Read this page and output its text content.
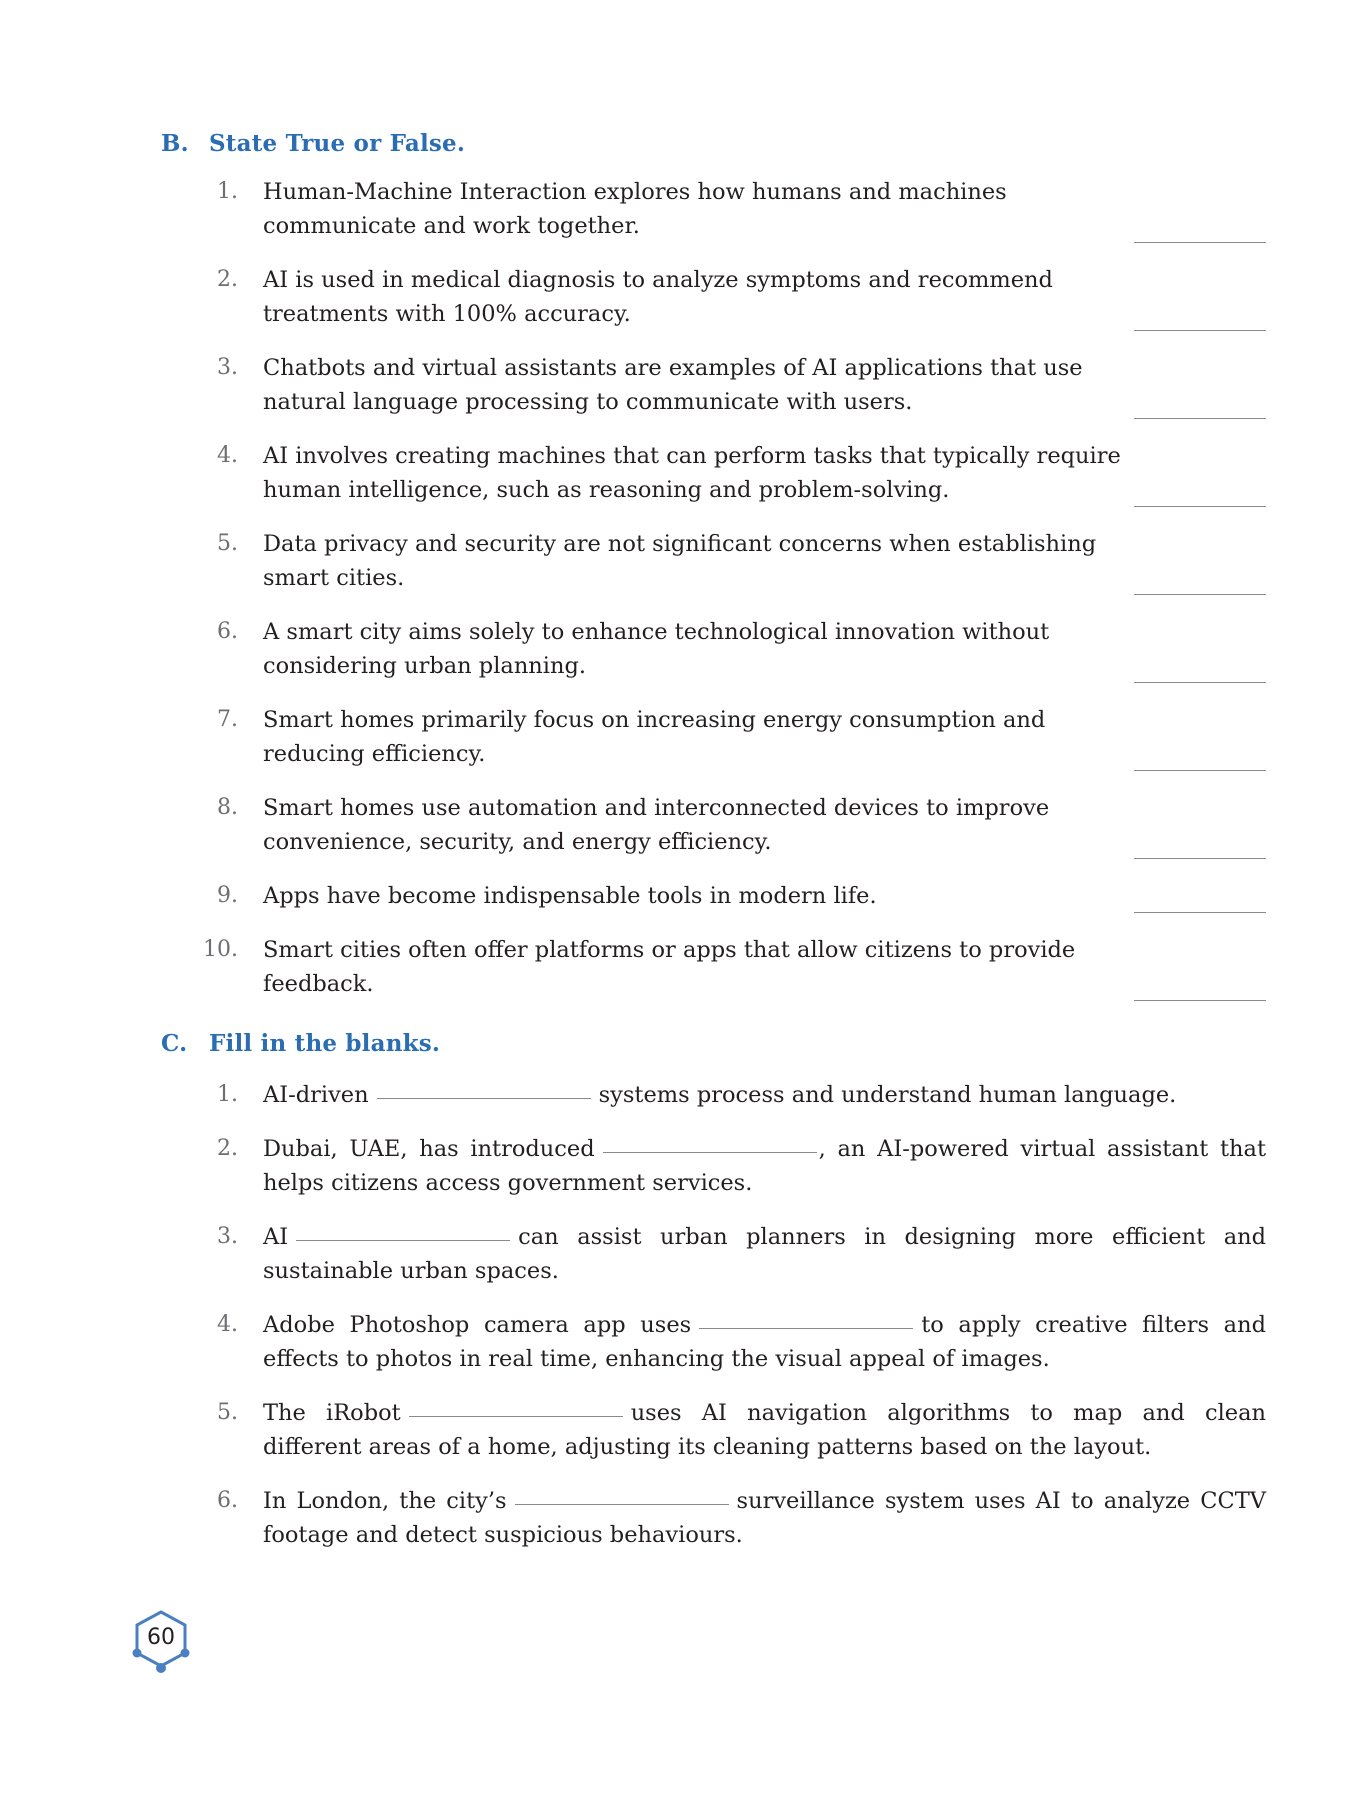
B. State True or False.
1. Human-Machine Interaction explores how humans and machines communicate and work together.
2. AI is used in medical diagnosis to analyze symptoms and recommend treatments with 100% accuracy.
3. Chatbots and virtual assistants are examples of AI applications that use natural language processing to communicate with users.
4. AI involves creating machines that can perform tasks that typically require human intelligence, such as reasoning and problem-solving.
5. Data privacy and security are not significant concerns when establishing smart cities.
6. A smart city aims solely to enhance technological innovation without considering urban planning.
7. Smart homes primarily focus on increasing energy consumption and reducing efficiency.
8. Smart homes use automation and interconnected devices to improve convenience, security, and energy efficiency.
9. Apps have become indispensable tools in modern life.
10. Smart cities often offer platforms or apps that allow citizens to provide feedback.
C. Fill in the blanks.
1. AI-driven	systems process and understand human language.
2. Dubai, UAE, has introduced	, an AI-powered virtual assistant that helps citizens access government services.
3. AI	can assist urban planners in designing more efficient and sustainable urban spaces.
4. Adobe Photoshop camera app uses	to apply creative filters and effects to photos in real time, enhancing the visual appeal of images.
5. The iRobot	uses AI navigation algorithms to map and clean different areas of a home, adjusting its cleaning patterns based on the layout.
6. In London, the city’s	surveillance system uses AI to analyze CCTV footage and detect suspicious behaviours.
60
